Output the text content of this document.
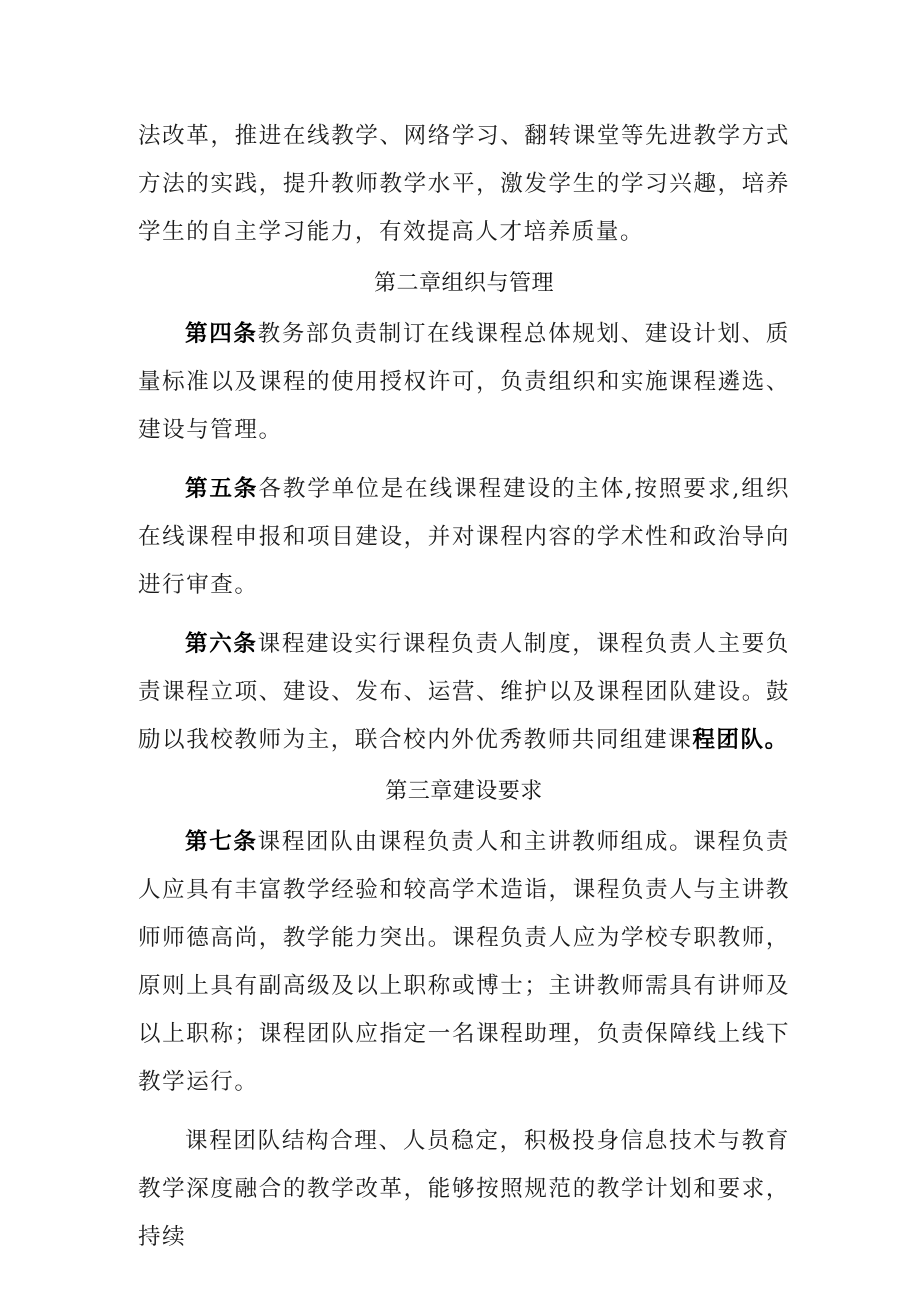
法改革，推进在线教学、网络学习、翻转课堂等先进教学方式方法的实践，提升教师教学水平，激发学生的学习兴趣，培养学生的自主学习能力，有效提高人才培养质量。

第二章组织与管理

第四条教务部负责制订在线课程总体规划、建设计划、质量标准以及课程的使用授权许可，负责组织和实施课程遴选、建设与管理。

第五条各教学单位是在线课程建设的主体,按照要求,组织在线课程申报和项目建设，并对课程内容的学术性和政治导向进行审查。

第六条课程建设实行课程负责人制度，课程负责人主要负责课程立项、建设、发布、运营、维护以及课程团队建设。鼓励以我校教师为主，联合校内外优秀教师共同组建课程团队。

第三章建设要求

第七条课程团队由课程负责人和主讲教师组成。课程负责人应具有丰富教学经验和较高学术造诣，课程负责人与主讲教师师德高尚，教学能力突出。课程负责人应为学校专职教师，原则上具有副高级及以上职称或博士；主讲教师需具有讲师及以上职称；课程团队应指定一名课程助理，负责保障线上线下教学运行。

课程团队结构合理、人员稳定，积极投身信息技术与教育教学深度融合的教学改革，能够按照规范的教学计划和要求，持续
